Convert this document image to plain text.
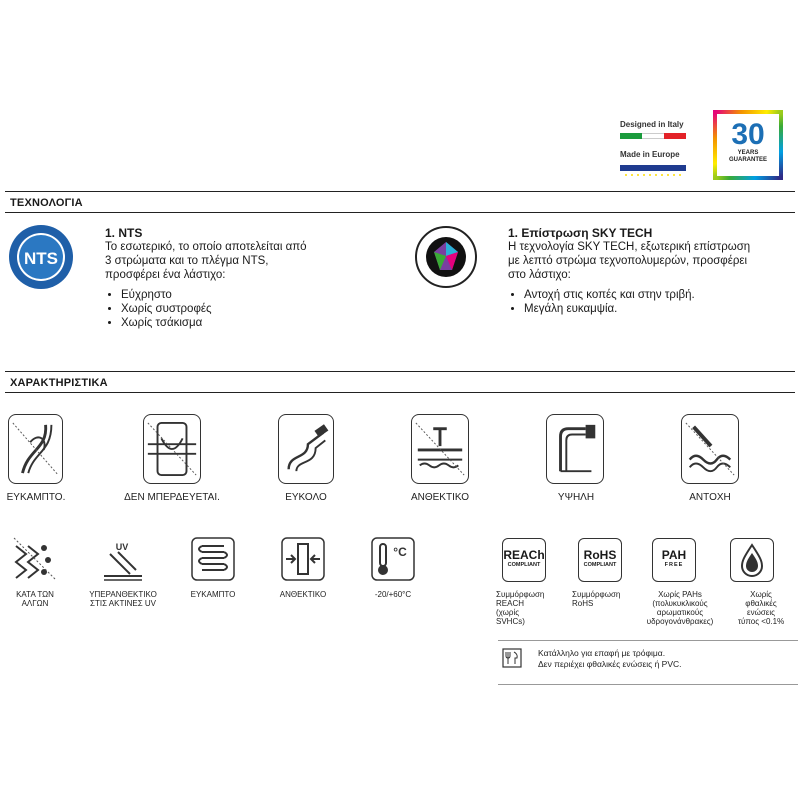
Designed in Italy
Made in Europe
30
YEARS
GUARANTEE
ΤΕΧΝΟΛΟΓΙΑ
NTS
1. NTS
Το εσωτερικό, το οποίο αποτελείται από
3 στρώματα και το πλέγμα NTS,
προσφέρει ένα λάστιχο:
• Εύχρηστο
• Χωρίς συστροφές
• Χωρίς τσάκισμα
1. Επίστρωση SKY TECH
Η τεχνολογία SKY TECH, εξωτερική επίστρωση
με λεπτό στρώμα τεχνοπολυμερών, προσφέρει
στο λάστιχο:
• Αντοχή στις κοπές και στην τριβή.
• Μεγάλη ευκαμψία.
ΧΑΡΑΚΤΗΡΙΣΤΙΚΑ
ΕΥΚΑΜΠΤΟ.	ΔΕΝ ΜΠΕΡΔΕΥΕΤΑΙ.	ΕΥΚΟΛΟ	ΑΝΘΕΚΤΙΚΟ	ΥΨΗΛΗ	ΑΝΤΟΧΗ
ΚΑΤΑ ΤΩΝ
ΑΛΓΩΝ
UV
ΥΠΕΡΑΝΘΕΚΤΙΚΟ
ΣΤΙΣ ΑΚΤΙΝΕΣ UV
ΕΥΚΑΜΠΤΟ	ΑΝΘΕΚΤΙΚΟ
°C
-20/+60°C
REACh
COMPLIANT
Συμμόρφωση
REACH
(χωρίς
SVHCs)
RoHS
COMPLIANT
Συμμόρφωση
RoHS
PAH
FREE
Χωρίς PAHs
(πολυκυκλικούς
αρωματικούς
υδρογονάνθρακες)
Χωρίς
φθαλικές
ενώσεις
τύπος <0.1%
Κατάλληλο για επαφή με τρόφιμα.
Δεν περιέχει φθαλικές ενώσεις ή PVC.
